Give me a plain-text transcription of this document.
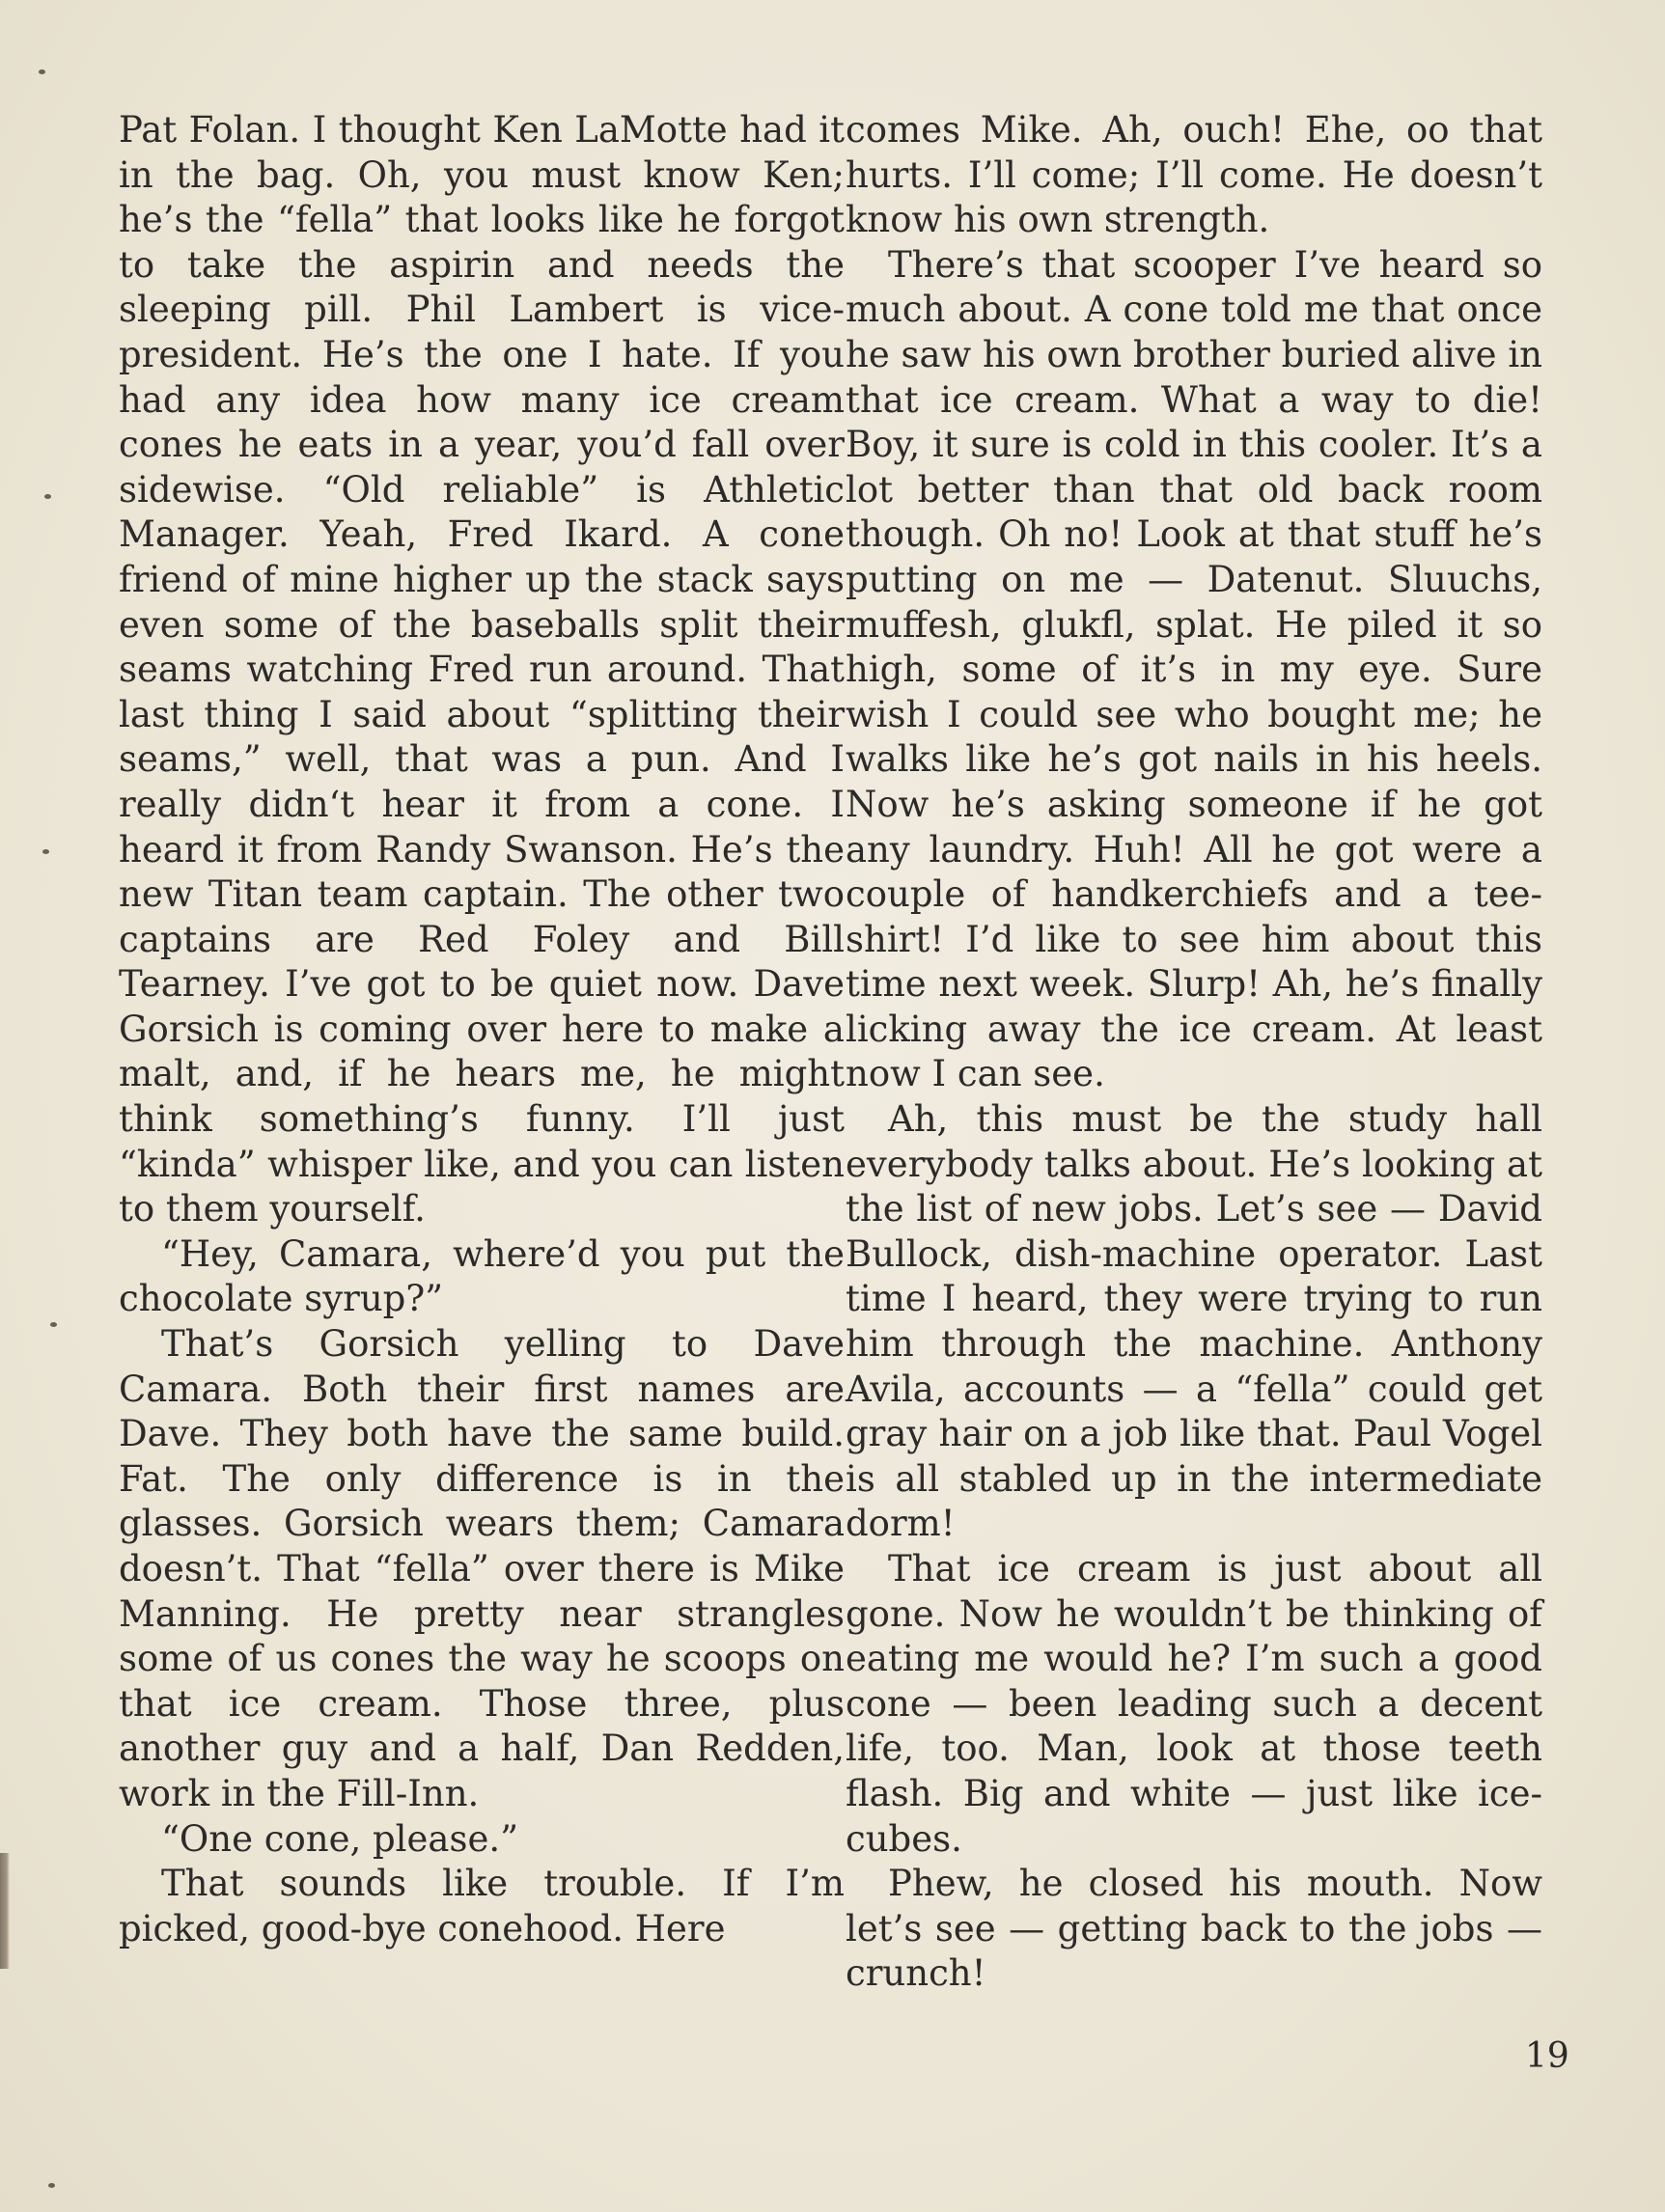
Pat Folan. I thought Ken LaMotte had it in the bag. Oh, you must know Ken; he’s the “fella” that looks like he forgot to take the aspirin and needs the sleeping pill. Phil Lambert is vice-president. He’s the one I hate. If you had any idea how many ice cream cones he eats in a year, you’d fall over sidewise. “Old reliable” is Athletic Manager. Yeah, Fred Ikard. A cone friend of mine higher up the stack says even some of the baseballs split their seams watching Fred run around. That last thing I said about “splitting their seams,” well, that was a pun. And I really didn‘t hear it from a cone. I heard it from Randy Swanson. He’s the new Titan team captain. The other two captains are Red Foley and Bill Tearney. I’ve got to be quiet now. Dave Gorsich is coming over here to make a malt, and, if he hears me, he might think something’s funny. I’ll just “kinda” whisper like, and you can listen to them yourself.

“Hey, Camara, where’d you put the chocolate syrup?”

That’s Gorsich yelling to Dave Camara. Both their first names are Dave. They both have the same build. Fat. The only difference is in the glasses. Gorsich wears them; Camara doesn’t. That “fella” over there is Mike Manning. He pretty near strangles some of us cones the way he scoops on that ice cream. Those three, plus another guy and a half, Dan Redden, work in the Fill-Inn.

“One cone, please.”

That sounds like trouble. If I’m picked, good-bye conehood. Here

comes Mike. Ah, ouch! Ehe, oo that hurts. I’ll come; I’ll come. He doesn’t know his own strength.

There’s that scooper I’ve heard so much about. A cone told me that once he saw his own brother buried alive in that ice cream. What a way to die! Boy, it sure is cold in this cooler. It’s a lot better than that old back room though. Oh no! Look at that stuff he’s putting on me — Datenut. Sluuchs, muffesh, glukfl, splat. He piled it so high, some of it’s in my eye. Sure wish I could see who bought me; he walks like he’s got nails in his heels. Now he’s asking someone if he got any laundry. Huh! All he got were a couple of handkerchiefs and a tee-shirt! I’d like to see him about this time next week. Slurp! Ah, he’s finally licking away the ice cream. At least now I can see.

Ah, this must be the study hall everybody talks about. He’s looking at the list of new jobs. Let’s see — David Bullock, dish-machine operator. Last time I heard, they were trying to run him through the machine. Anthony Avila, accounts — a “fella” could get gray hair on a job like that. Paul Vogel is all stabled up in the intermediate dorm!

That ice cream is just about all gone. Now he wouldn’t be thinking of eating me would he? I’m such a good cone — been leading such a decent life, too. Man, look at those teeth flash. Big and white — just like ice-cubes.

Phew, he closed his mouth. Now let’s see — getting back to the jobs — crunch!

19
